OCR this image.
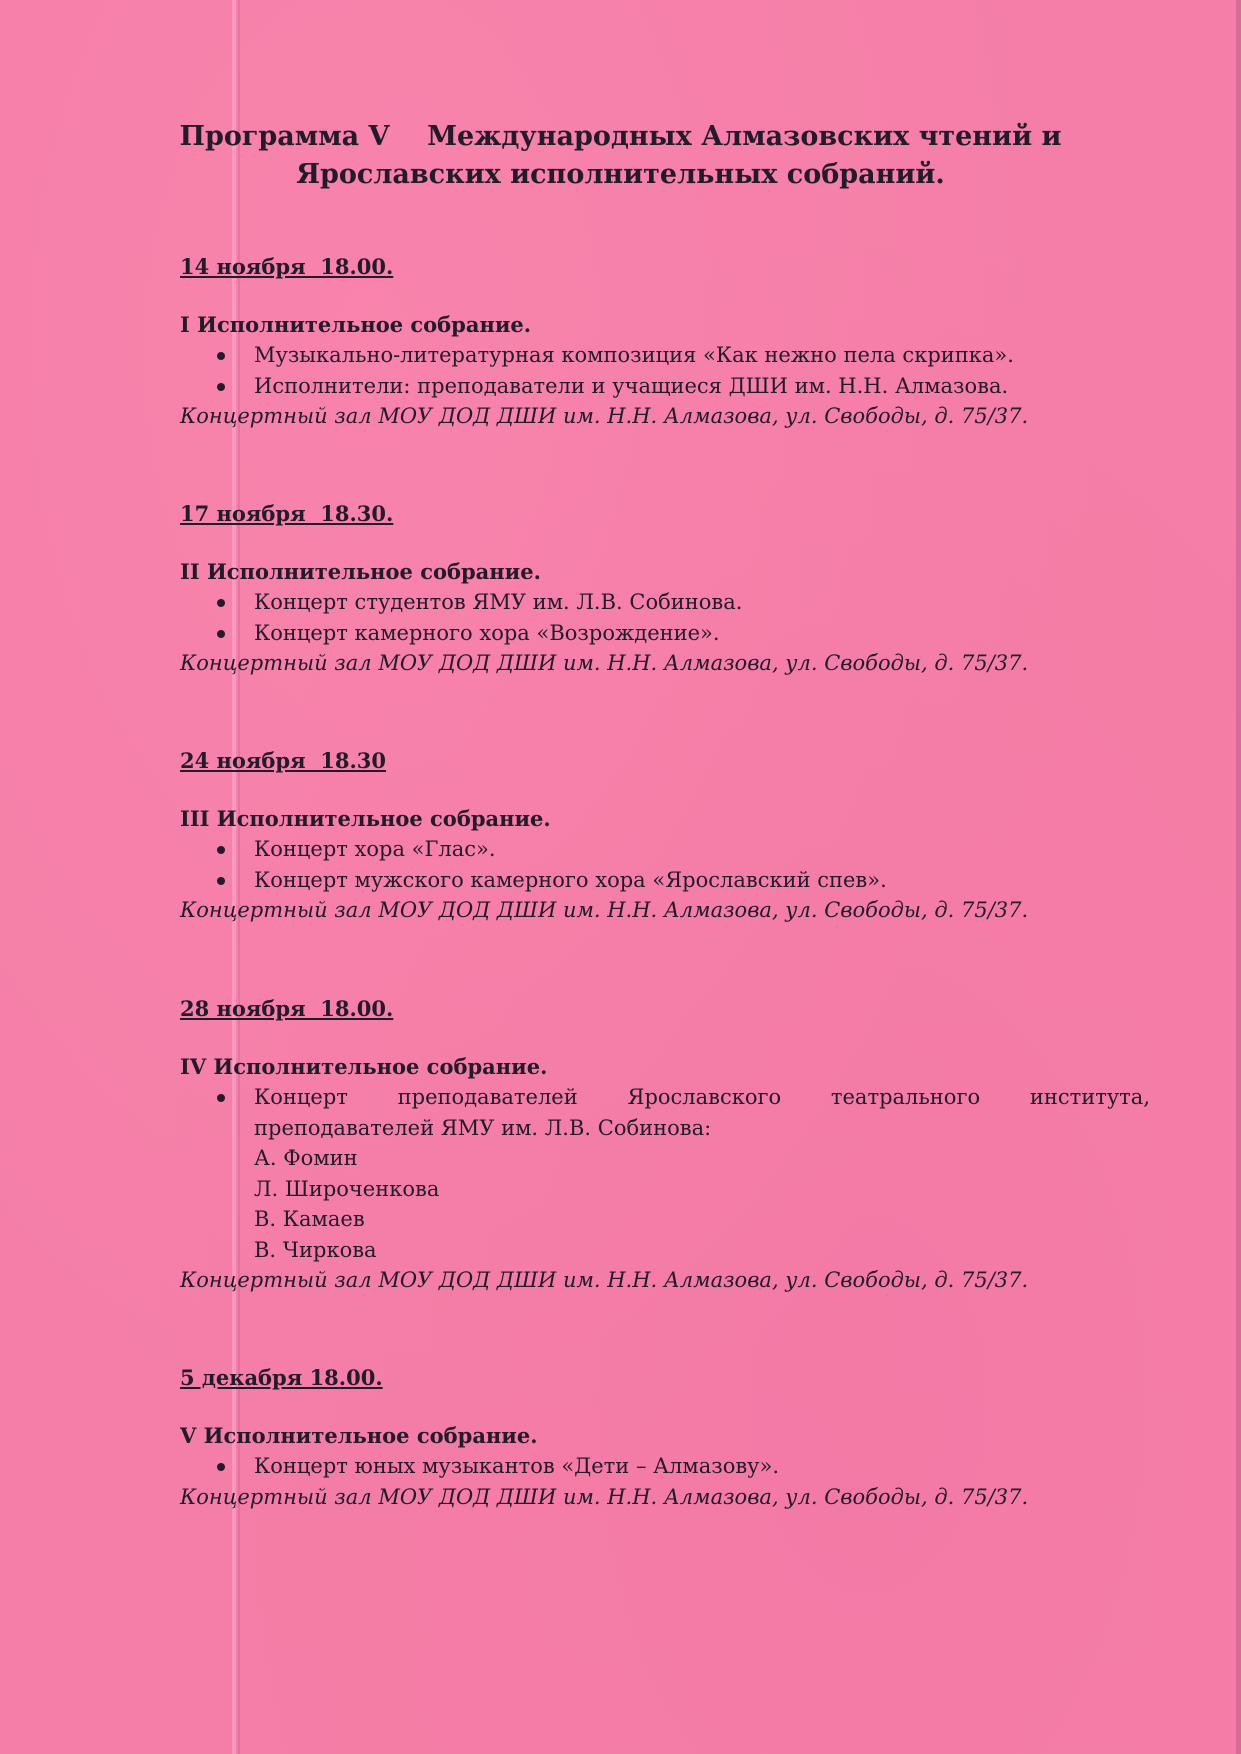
Программа V    Международных Алмазовских чтений и
Ярославских исполнительных собраний.

14 ноября  18.00.

I Исполнительное собрание.

Музыкально-литературная композиция «Как нежно пела скрипка».
Исполнители: преподаватели и учащиеся ДШИ им. Н.Н. Алмазова.

Концертный зал МОУ ДОД ДШИ им. Н.Н. Алмазова, ул. Свободы, д. 75/37.

17 ноября  18.30.

II Исполнительное собрание.

Концерт студентов ЯМУ им. Л.В. Собинова.
Концерт камерного хора «Возрождение».

Концертный зал МОУ ДОД ДШИ им. Н.Н. Алмазова, ул. Свободы, д. 75/37.

24 ноября  18.30

III Исполнительное собрание.

Концерт хора «Глас».
Концерт мужского камерного хора «Ярославский спев».

Концертный зал МОУ ДОД ДШИ им. Н.Н. Алмазова, ул. Свободы, д. 75/37.

28 ноября  18.00.

IV Исполнительное собрание.

Концерт преподавателей Ярославского театрального института,
преподавателей ЯМУ им. Л.В. Собинова:
А. Фомин
Л. Широченкова
В. Камаев
В. Чиркова

Концертный зал МОУ ДОД ДШИ им. Н.Н. Алмазова, ул. Свободы, д. 75/37.

5 декабря 18.00.

V Исполнительное собрание.

Концерт юных музыкантов «Дети – Алмазову».

Концертный зал МОУ ДОД ДШИ им. Н.Н. Алмазова, ул. Свободы, д. 75/37.
